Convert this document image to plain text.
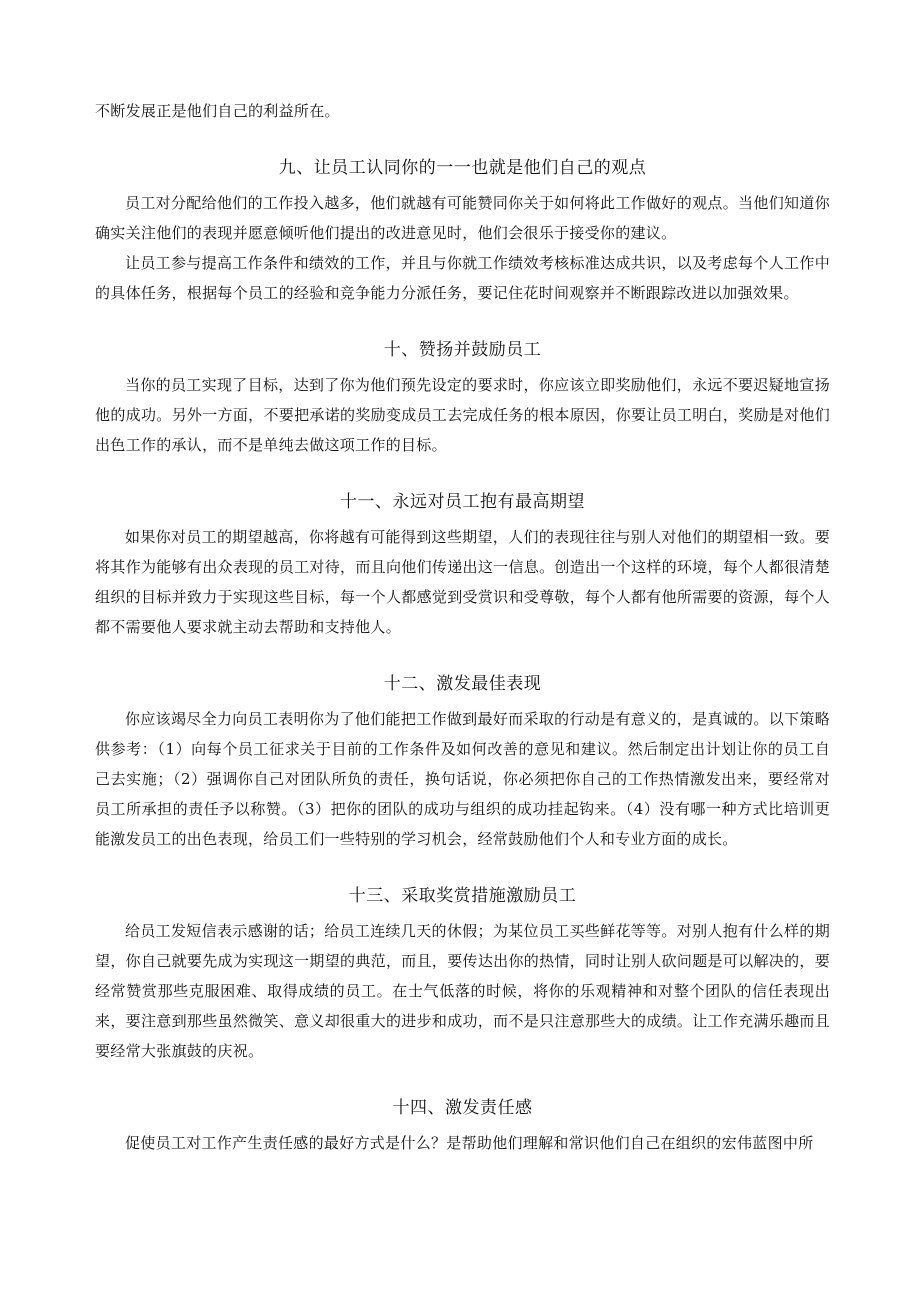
不断发展正是他们自己的利益所在。

九、让员工认同你的一一也就是他们自己的观点

员工对分配给他们的工作投入越多，他们就越有可能赞同你关于如何将此工作做好的观点。当他们知道你确实关注他们的表现并愿意倾听他们提出的改进意见时，他们会很乐于接受你的建议。

让员工参与提高工作条件和绩效的工作，并且与你就工作绩效考核标准达成共识，以及考虑每个人工作中的具体任务，根据每个员工的经验和竞争能力分派任务，要记住花时间观察并不断跟踪改进以加强效果。

十、赞扬并鼓励员工

当你的员工实现了目标，达到了你为他们预先设定的要求时，你应该立即奖励他们，永远不要迟疑地宣扬他的成功。另外一方面，不要把承诺的奖励变成员工去完成任务的根本原因，你要让员工明白，奖励是对他们出色工作的承认，而不是单纯去做这项工作的目标。

十一、永远对员工抱有最高期望

如果你对员工的期望越高，你将越有可能得到这些期望，人们的表现往往与别人对他们的期望相一致。要将其作为能够有出众表现的员工对待，而且向他们传递出这一信息。创造出一个这样的环境，每个人都很清楚组织的目标并致力于实现这些目标，每一个人都感觉到受赏识和受尊敬，每个人都有他所需要的资源，每个人都不需要他人要求就主动去帮助和支持他人。

十二、激发最佳表现

你应该竭尽全力向员工表明你为了他们能把工作做到最好而采取的行动是有意义的，是真诚的。以下策略供参考：（1）向每个员工征求关于目前的工作条件及如何改善的意见和建议。然后制定出计划让你的员工自己去实施；（2）强调你自己对团队所负的责任，换句话说，你必须把你自己的工作热情激发出来，要经常对员工所承担的责任予以称赞。（3）把你的团队的成功与组织的成功挂起钩来。（4）没有哪一种方式比培训更能激发员工的出色表现，给员工们一些特别的学习机会，经常鼓励他们个人和专业方面的成长。

十三、采取奖赏措施激励员工

给员工发短信表示感谢的话；给员工连续几天的休假；为某位员工买些鲜花等等。对别人抱有什么样的期望，你自己就要先成为实现这一期望的典范，而且，要传达出你的热情，同时让别人砍问题是可以解决的，要经常赞赏那些克服困难、取得成绩的员工。在士气低落的时候，将你的乐观精神和对整个团队的信任表现出来，要注意到那些虽然微笑、意义却很重大的进步和成功，而不是只注意那些大的成绩。让工作充满乐趣而且要经常大张旗鼓的庆祝。

十四、激发责任感

促使员工对工作产生责任感的最好方式是什么？是帮助他们理解和常识他们自己在组织的宏伟蓝图中所
